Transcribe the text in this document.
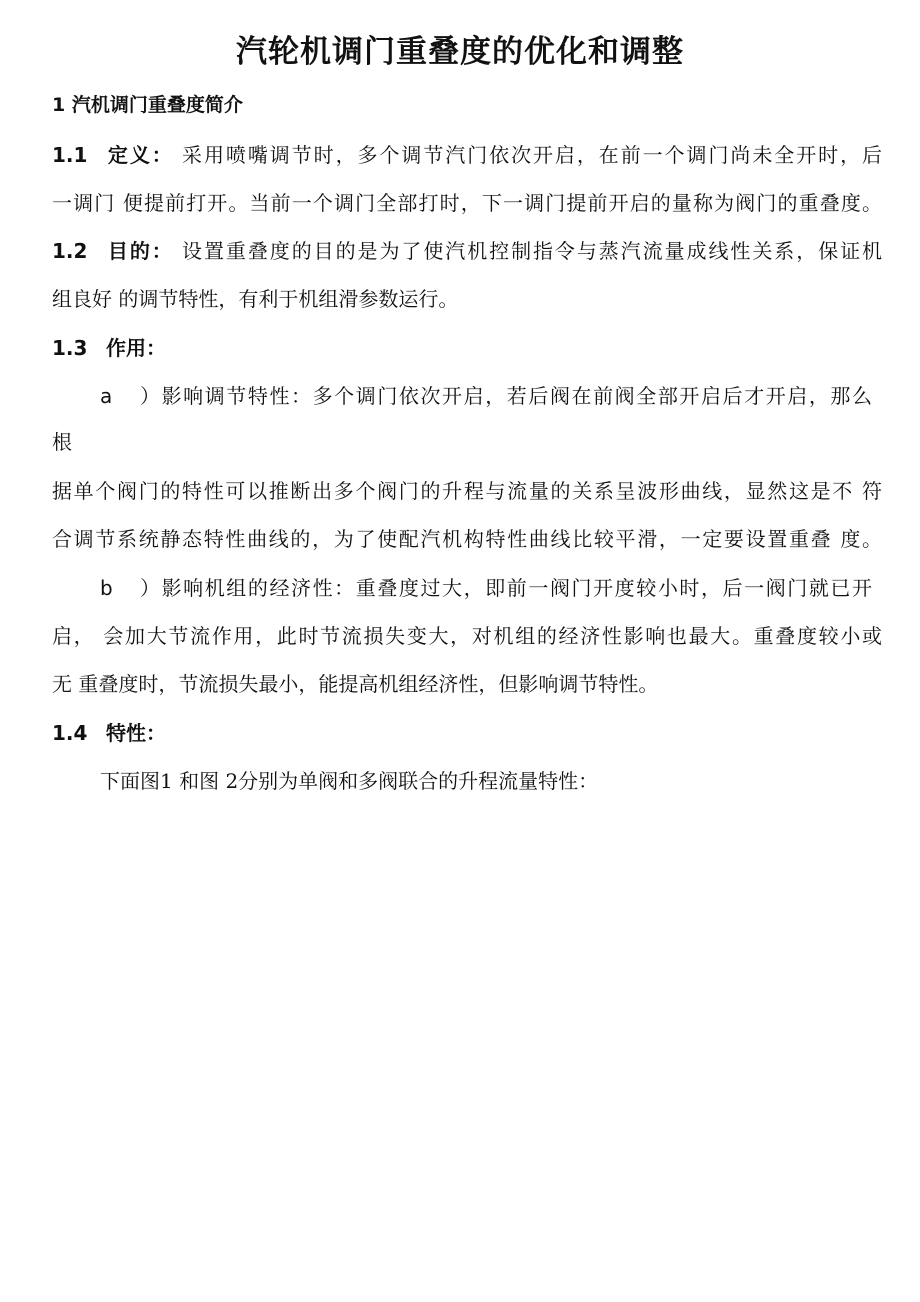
汽轮机调门重叠度的优化和调整
1 汽机调门重叠度简介
1.1 定义： 采用喷嘴调节时，多个调节汽门依次开启，在前一个调门尚未全开时，后
一调门 便提前打开。当前一个调门全部打时，下一调门提前开启的量称为阀门的重叠度。
1.2 目的： 设置重叠度的目的是为了使汽机控制指令与蒸汽流量成线性关系，保证机
组良好 的调节特性，有利于机组滑参数运行。
1.3 作用：
a）影响调节特性：多个调门依次开启，若后阀在前阀全部开启后才开启，那么
根
据单个阀门的特性可以推断出多个阀门的升程与流量的关系呈波形曲线，显然这是不 符
合调节系统静态特性曲线的，为了使配汽机构特性曲线比较平滑，一定要设置重叠 度。
b）影响机组的经济性：重叠度过大，即前一阀门开度较小时，后一阀门就已开
启， 会加大节流作用，此时节流损失变大，对机组的经济性影响也最大。重叠度较小或
无 重叠度时，节流损失最小，能提高机组经济性，但影响调节特性。
1.4 特性：
下面图1 和图 2分别为单阀和多阀联合的升程流量特性：
